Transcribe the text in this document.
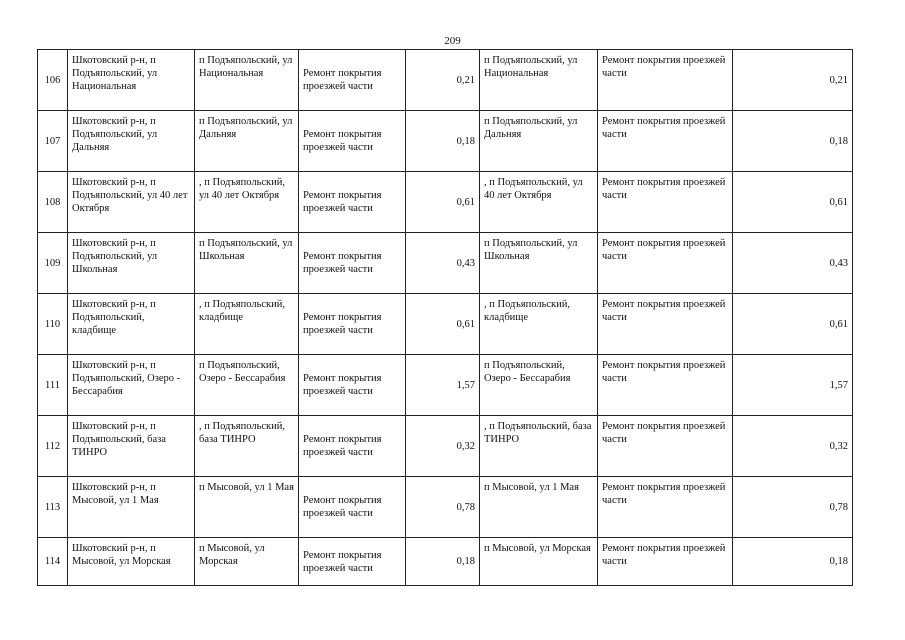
209
106	Шкотовский р-н, п Подъяпольский, ул Национальная	п Подъяпольский, ул Национальная	Ремонт покрытия проезжей части	0,21	п Подъяпольский, ул Национальная	Ремонт покрытия проезжей части	0,21
107	Шкотовский р-н, п Подъяпольский, ул Дальняя	п Подъяпольский, ул Дальняя	Ремонт покрытия проезжей части	0,18	п Подъяпольский, ул Дальняя	Ремонт покрытия проезжей части	0,18
108	Шкотовский р-н, п Подъяпольский, ул 40 лет Октября	, п Подъяпольский, ул 40 лет Октября	Ремонт покрытия проезжей части	0,61	, п Подъяпольский, ул 40 лет Октября	Ремонт покрытия проезжей части	0,61
109	Шкотовский р-н, п Подъяпольский, ул Школьная	п Подъяпольский, ул Школьная	Ремонт покрытия проезжей части	0,43	п Подъяпольский, ул Школьная	Ремонт покрытия проезжей части	0,43
110	Шкотовский р-н, п Подъяпольский, кладбище	, п Подъяпольский, кладбище	Ремонт покрытия проезжей части	0,61	, п Подъяпольский, кладбище	Ремонт покрытия проезжей части	0,61
111	Шкотовский р-н, п Подъяпольский, Озеро - Бессарабия	п Подъяпольский, Озеро - Бессарабия	Ремонт покрытия проезжей части	1,57	п Подъяпольский, Озеро - Бессарабия	Ремонт покрытия проезжей части	1,57
112	Шкотовский р-н, п Подъяпольский, база ТИНРО	, п Подъяпольский, база ТИНРО	Ремонт покрытия проезжей части	0,32	, п Подъяпольский, база ТИНРО	Ремонт покрытия проезжей части	0,32
113	Шкотовский р-н, п Мысовой, ул 1 Мая	п Мысовой, ул 1 Мая	Ремонт покрытия проезжей части	0,78	п Мысовой, ул 1 Мая	Ремонт покрытия проезжей части	0,78
114	Шкотовский р-н, п Мысовой, ул Морская	п Мысовой, ул Морская	Ремонт покрытия проезжей части	0,18	п Мысовой, ул Морская	Ремонт покрытия проезжей части	0,18
